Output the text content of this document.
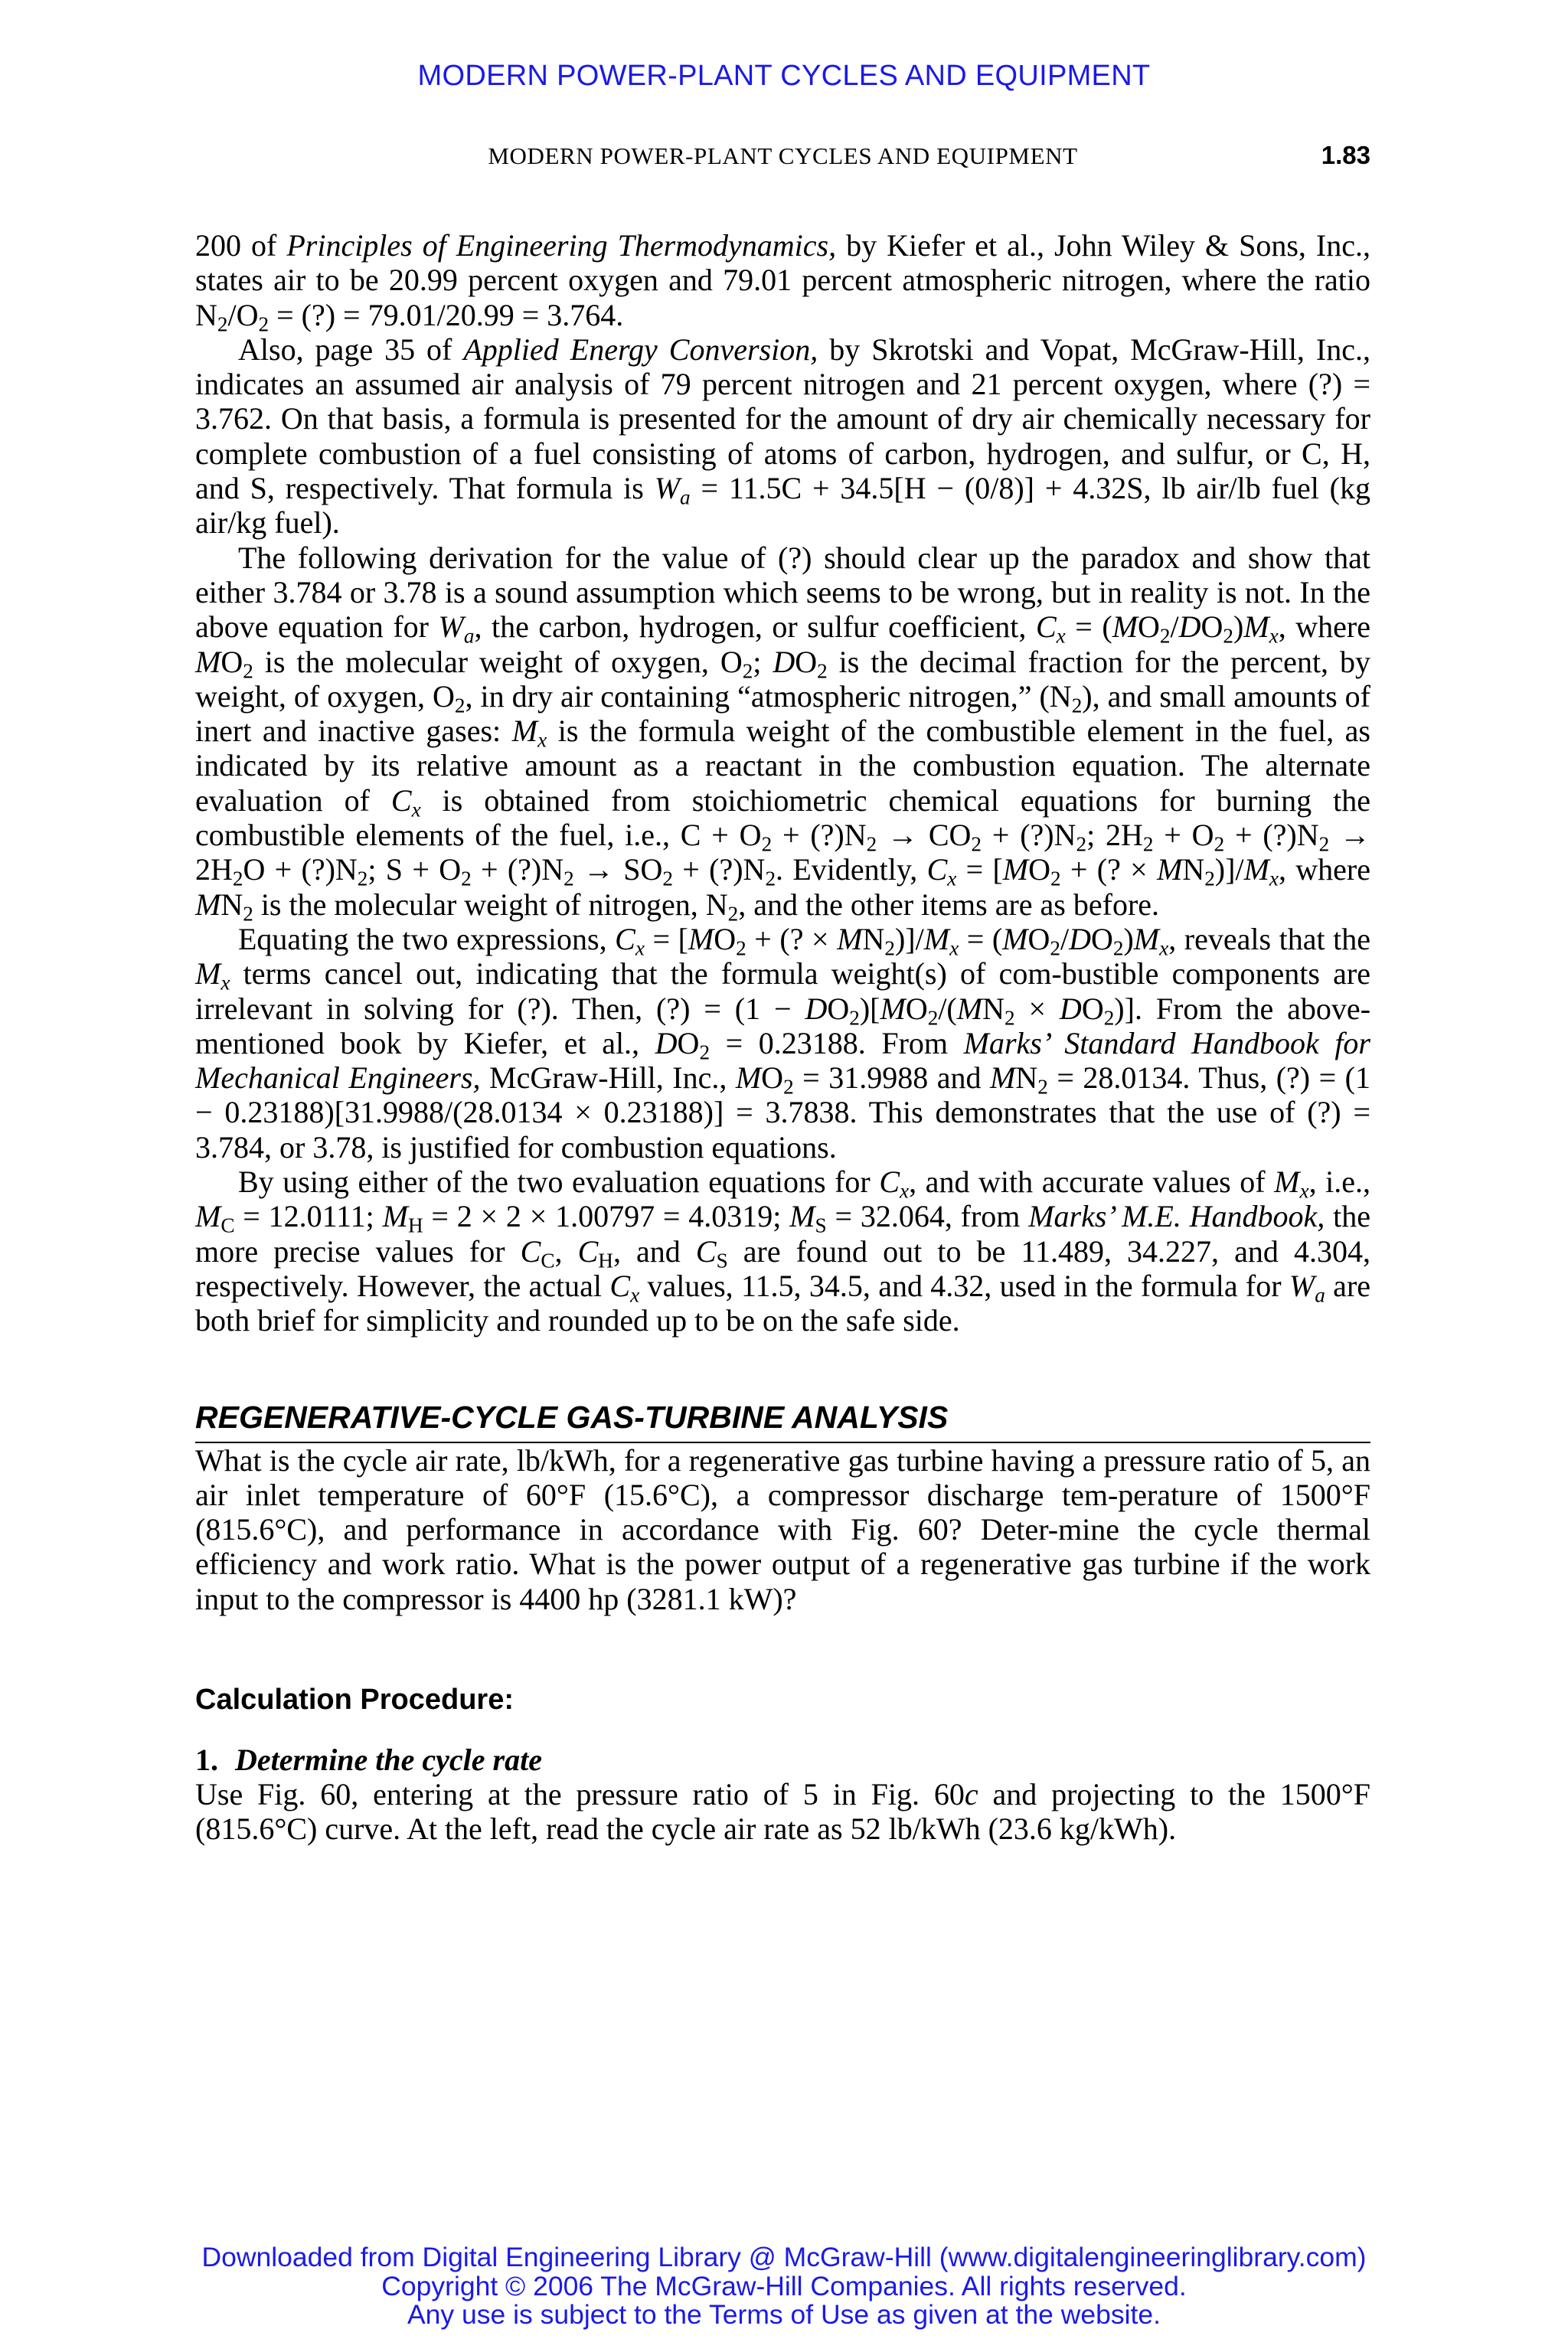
MODERN POWER-PLANT CYCLES AND EQUIPMENT
MODERN POWER-PLANT CYCLES AND EQUIPMENT	1.83

200 of Principles of Engineering Thermodynamics, by Kiefer et al., John Wiley & Sons, Inc., states air to be 20.99 percent oxygen and 79.01 percent atmospheric nitrogen, where the ratio $N_2/O_2$ = (?) = 79.01/20.99 = 3.764.

Also, page 35 of Applied Energy Conversion, by Skrotski and Vopat, McGraw-Hill, Inc., indicates an assumed air analysis of 79 percent nitrogen and 21 percent oxygen, where (?) = 3.762. On that basis, a formula is presented for the amount of dry air chemically necessary for complete combustion of a fuel consisting of atoms of carbon, hydrogen, and sulfur, or C, H, and S, respectively. That formula is $W_a = 11.5C + 34.5[H - (0/8)] + 4.32S$, lb air/lb fuel (kg air/kg fuel).

The following derivation for the value of (?) should clear up the paradox and show that either 3.784 or 3.78 is a sound assumption which seems to be wrong, but in reality is not. In the above equation for $W_a$, the carbon, hydrogen, or sulfur coefficient, $C_x = (MO_2/DO_2)M_x$, where $MO_2$ is the molecular weight of oxygen, $O_2$; $DO_2$ is the decimal fraction for the percent, by weight, of oxygen, $O_2$, in dry air containing “atmospheric nitrogen,” $(N_2)$, and small amounts of inert and inactive gases: $M_x$ is the formula weight of the combustible element in the fuel, as indicated by its relative amount as a reactant in the combustion equation. The alternate evaluation of $C_x$ is obtained from stoichiometric chemical equations for burning the combustible elements of the fuel, i.e., $C + O_2$ + $(?)N_2 \to CO_2$ + $(?)N_2$; $2H_2 + O_2$ + $(?)N_2 \to 2H_2O$ + $(?)N_2$; $S + O_2$ + $(?)N_2 \to SO_2$ + $(?)N_2$. Evidently, $C_x = [MO_2$ + (? × $MN_2)]/M_x$, where $MN_2$ is the molecular weight of nitrogen, $N_2$, and the other items are as before.

Equating the two expressions, $C_x = [MO_2$ + (? × $MN_2)]/M_x = (MO_2/DO_2)M_x$, reveals that the $M_x$ terms cancel out, indicating that the formula weight(s) of com-bustible components are irrelevant in solving for (?). Then, (?) = $(1 - DO_2)[MO_2/(MN_2 \times DO_2)]$. From the above-mentioned book by Kiefer, et al., $DO_2 = 0.23188$. From Marks’ Standard Handbook for Mechanical Engineers, McGraw-Hill, Inc., $MO_2 = 31.9988$ and $MN_2 = 28.0134$. Thus, (?) = (1 − 0.23188)[31.9988/(28.0134 × 0.23188)] = 3.7838. This demonstrates that the use of (?) = 3.784, or 3.78, is justified for combustion equations.

By using either of the two evaluation equations for $C_x$, and with accurate values of $M_x$, i.e., $M_C = 12.0111$; $M_H = 2 \times 2 \times 1.00797 = 4.0319$; $M_S = 32.064$, from Marks’ M.E. Handbook, the more precise values for $C_C$, $C_H$, and $C_S$ are found out to be 11.489, 34.227, and 4.304, respectively. However, the actual $C_x$ values, 11.5, 34.5, and 4.32, used in the formula for $W_a$ are both brief for simplicity and rounded up to be on the safe side.

REGENERATIVE-CYCLE GAS-TURBINE ANALYSIS

What is the cycle air rate, lb/kWh, for a regenerative gas turbine having a pressure ratio of 5, an air inlet temperature of 60°F (15.6°C), a compressor discharge tem-perature of 1500°F (815.6°C), and performance in accordance with Fig. 60? Deter-mine the cycle thermal efficiency and work ratio. What is the power output of a regenerative gas turbine if the work input to the compressor is 4400 hp (3281.1 kW)?

Calculation Procedure:
1. Determine the cycle rate

Use Fig. 60, entering at the pressure ratio of 5 in Fig. 60c and projecting to the 1500°F (815.6°C) curve. At the left, read the cycle air rate as 52 lb/kWh (23.6 kg/kWh).

Downloaded from Digital Engineering Library @ McGraw-Hill (www.digitalengineeringlibrary.com)
Copyright © 2006 The McGraw-Hill Companies. All rights reserved.
Any use is subject to the Terms of Use as given at the website.
